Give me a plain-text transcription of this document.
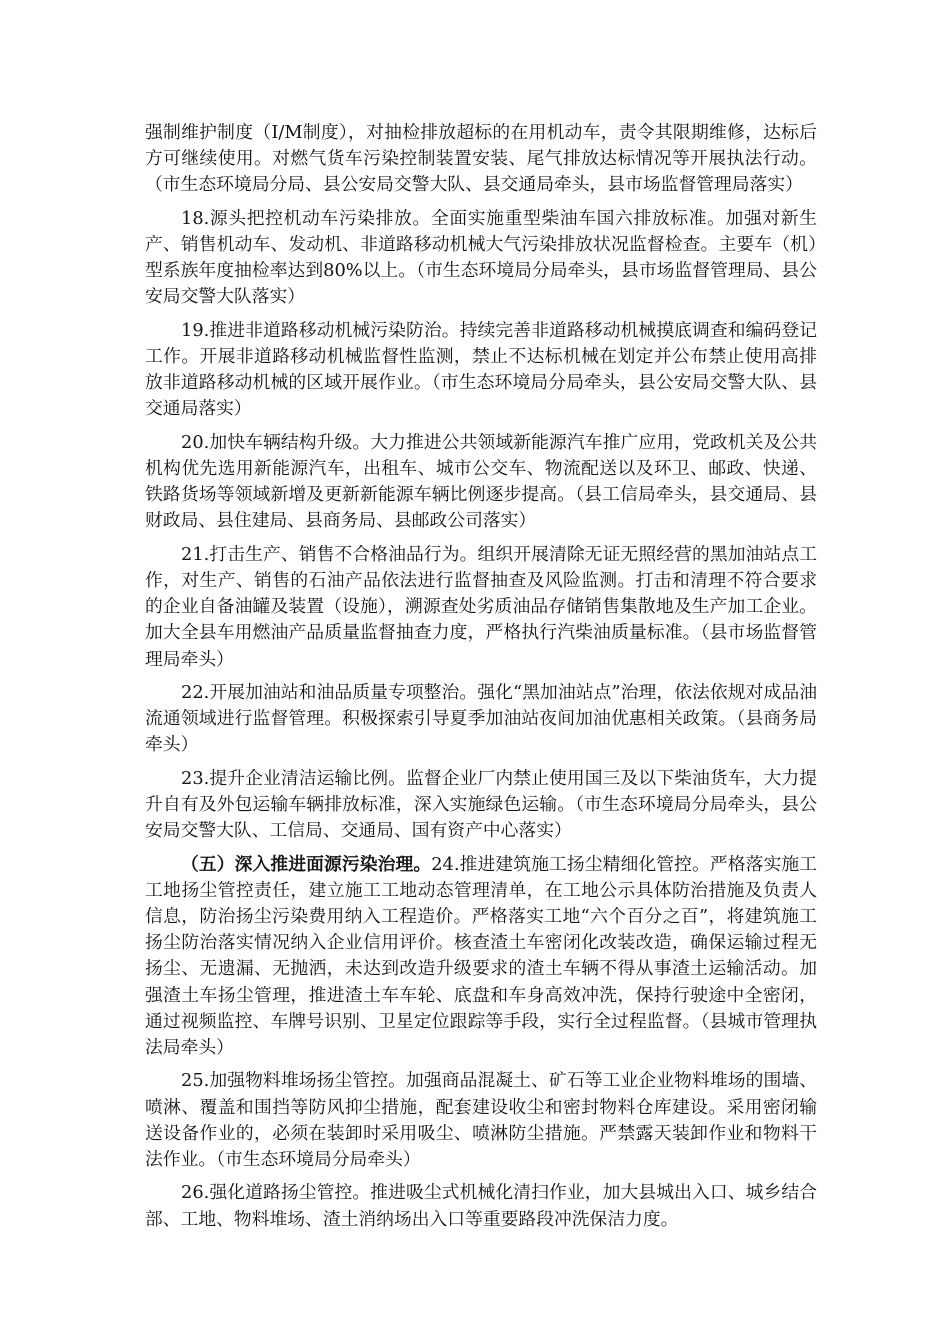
强制维护制度（I/M制度），对抽检排放超标的在用机动车，责令其限期维修，达标后方可继续使用。对燃气货车污染控制装置安装、尾气排放达标情况等开展执法行动。（市生态环境局分局、县公安局交警大队、县交通局牵头，县市场监督管理局落实）

18.源头把控机动车污染排放。全面实施重型柴油车国六排放标准。加强对新生产、销售机动车、发动机、非道路移动机械大气污染排放状况监督检查。主要车（机）型系族年度抽检率达到80%以上。（市生态环境局分局牵头，县市场监督管理局、县公安局交警大队落实）

19.推进非道路移动机械污染防治。持续完善非道路移动机械摸底调查和编码登记工作。开展非道路移动机械监督性监测，禁止不达标机械在划定并公布禁止使用高排放非道路移动机械的区域开展作业。（市生态环境局分局牵头，县公安局交警大队、县交通局落实）

20.加快车辆结构升级。大力推进公共领域新能源汽车推广应用，党政机关及公共机构优先选用新能源汽车，出租车、城市公交车、物流配送以及环卫、邮政、快递、铁路货场等领域新增及更新新能源车辆比例逐步提高。（县工信局牵头，县交通局、县财政局、县住建局、县商务局、县邮政公司落实）

21.打击生产、销售不合格油品行为。组织开展清除无证无照经营的黑加油站点工作，对生产、销售的石油产品依法进行监督抽查及风险监测。打击和清理不符合要求的企业自备油罐及装置（设施），溯源查处劣质油品存储销售集散地及生产加工企业。加大全县车用燃油产品质量监督抽查力度，严格执行汽柴油质量标准。（县市场监督管理局牵头）

22.开展加油站和油品质量专项整治。强化“黑加油站点”治理，依法依规对成品油流通领域进行监督管理。积极探索引导夏季加油站夜间加油优惠相关政策。（县商务局牵头）

23.提升企业清洁运输比例。监督企业厂内禁止使用国三及以下柴油货车，大力提升自有及外包运输车辆排放标准，深入实施绿色运输。（市生态环境局分局牵头，县公安局交警大队、工信局、交通局、国有资产中心落实）

（五）深入推进面源污染治理。24.推进建筑施工扬尘精细化管控。严格落实施工工地扬尘管控责任，建立施工工地动态管理清单，在工地公示具体防治措施及负责人信息，防治扬尘污染费用纳入工程造价。严格落实工地“六个百分之百”，将建筑施工扬尘防治落实情况纳入企业信用评价。核查渣土车密闭化改装改造，确保运输过程无扬尘、无遗漏、无抛洒，未达到改造升级要求的渣土车辆不得从事渣土运输活动。加强渣土车扬尘管理，推进渣土车车轮、底盘和车身高效冲洗，保持行驶途中全密闭，通过视频监控、车牌号识别、卫星定位跟踪等手段，实行全过程监督。（县城市管理执法局牵头）

25.加强物料堆场扬尘管控。加强商品混凝土、矿石等工业企业物料堆场的围墙、喷淋、覆盖和围挡等防风抑尘措施，配套建设收尘和密封物料仓库建设。采用密闭输送设备作业的，必须在装卸时采用吸尘、喷淋防尘措施。严禁露天装卸作业和物料干法作业。（市生态环境局分局牵头）

26.强化道路扬尘管控。推进吸尘式机械化清扫作业，加大县城出入口、城乡结合部、工地、物料堆场、渣土消纳场出入口等重要路段冲洗保洁力度。
